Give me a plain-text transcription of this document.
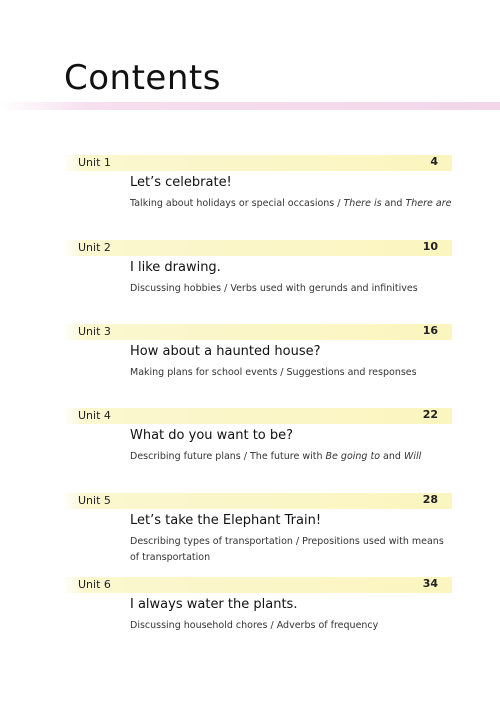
Contents
Unit 1	4
Let’s celebrate!

Talking about holidays or special occasions / There is and There are

Unit 2	10
I like drawing.

Discussing hobbies / Verbs used with gerunds and infinitives

Unit 3	16
How about a haunted house?

Making plans for school events / Suggestions and responses

Unit 4	22
What do you want to be?

Describing future plans / The future with Be going to and Will

Unit 5	28
Let’s take the Elephant Train!

Describing types of transportation / Prepositions used with means of transportation

Unit 6	34
I always water the plants.

Discussing household chores / Adverbs of frequency
